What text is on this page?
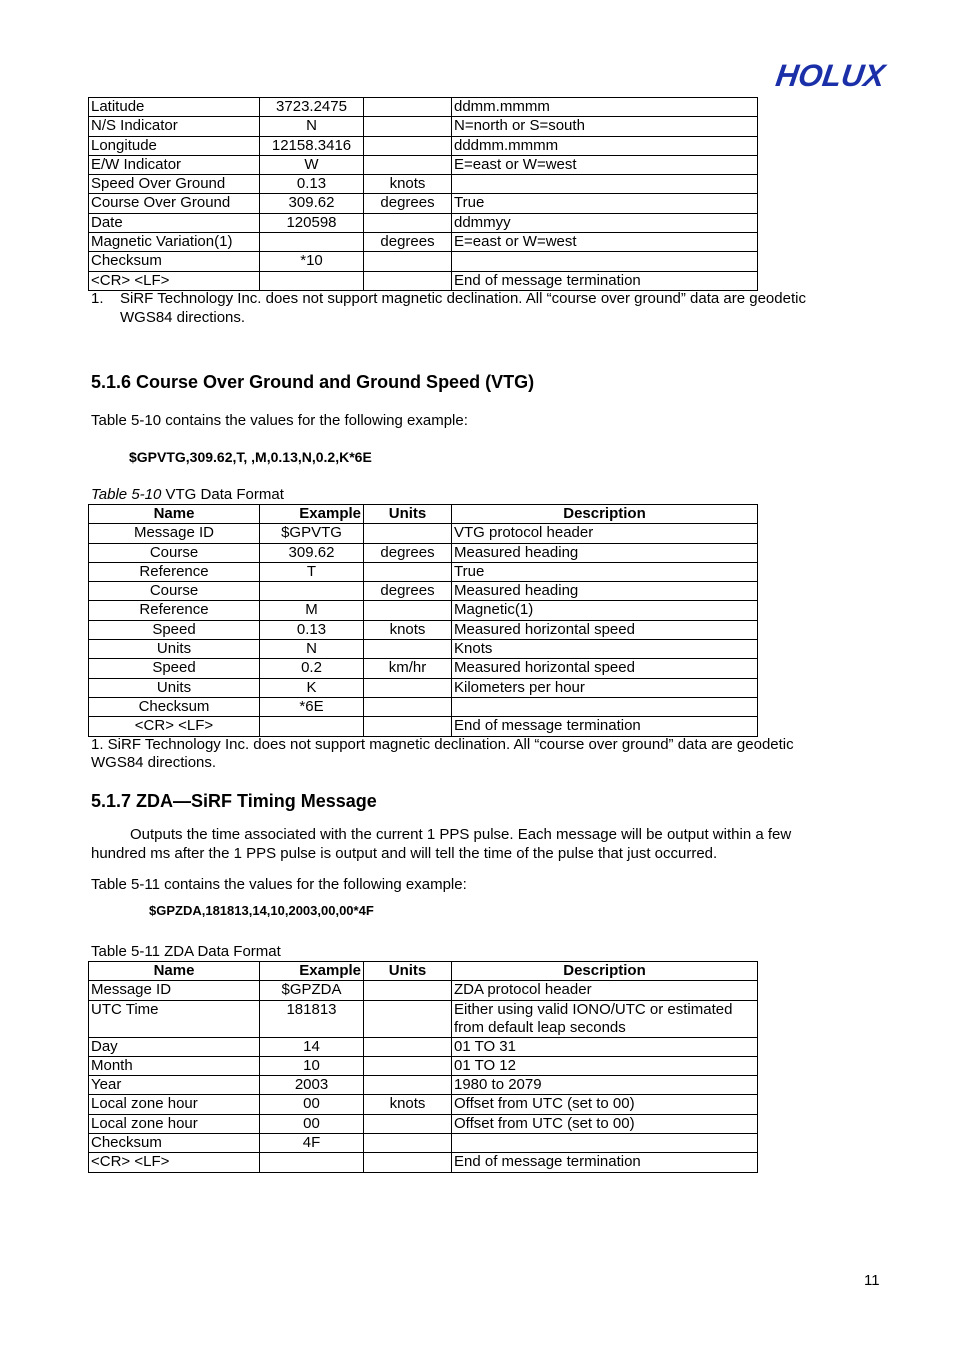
HOLUX
Latitude	3723.2475		ddmm.mmmm
N/S Indicator	N		N=north or S=south
Longitude	12158.3416		dddmm.mmmm
E/W Indicator	W		E=east or W=west
Speed Over Ground	0.13	knots	
Course Over Ground	309.62	degrees	True
Date	120598		ddmmyy
Magnetic Variation(1)		degrees	E=east or W=west
Checksum	*10		
<CR> <LF>			End of message termination

1. SiRF Technology Inc. does not support magnetic declination. All “course over ground” data are geodetic

WGS84 directions.

5.1.6 Course Over Ground and Ground Speed (VTG)

Table 5-10 contains the values for the following example:

$GPVTG,309.62,T, ,M,0.13,N,0.2,K*6E

Table 5-10 VTG Data Format

Name	Example	Units	Description
Message ID	$GPVTG		VTG protocol header
Course	309.62	degrees	Measured heading
Reference	T		True
Course		degrees	Measured heading
Reference	M		Magnetic(1)
Speed	0.13	knots	Measured horizontal speed
Units	N		Knots
Speed	0.2	km/hr	Measured horizontal speed
Units	K		Kilometers per hour
Checksum	*6E		
<CR> <LF>			End of message termination

1. SiRF Technology Inc. does not support magnetic declination. All “course over ground” data are geodetic

WGS84 directions.

5.1.7 ZDA—SiRF Timing Message

Outputs the time associated with the current 1 PPS pulse. Each message will be output within a few

hundred ms after the 1 PPS pulse is output and will tell the time of the pulse that just occurred.

Table 5-11 contains the values for the following example:

$GPZDA,181813,14,10,2003,00,00*4F

Table 5-11 ZDA Data Format

Name	Example	Units	Description
Message ID	$GPZDA		ZDA protocol header
UTC Time	181813		Either using valid IONO/UTC or estimated from default leap seconds
Day	14		01 TO 31
Month	10		01 TO 12
Year	2003		1980 to 2079
Local zone hour	00	knots	Offset from UTC (set to 00)
Local zone hour	00		Offset from UTC (set to 00)
Checksum	4F		
<CR> <LF>			End of message termination

11
